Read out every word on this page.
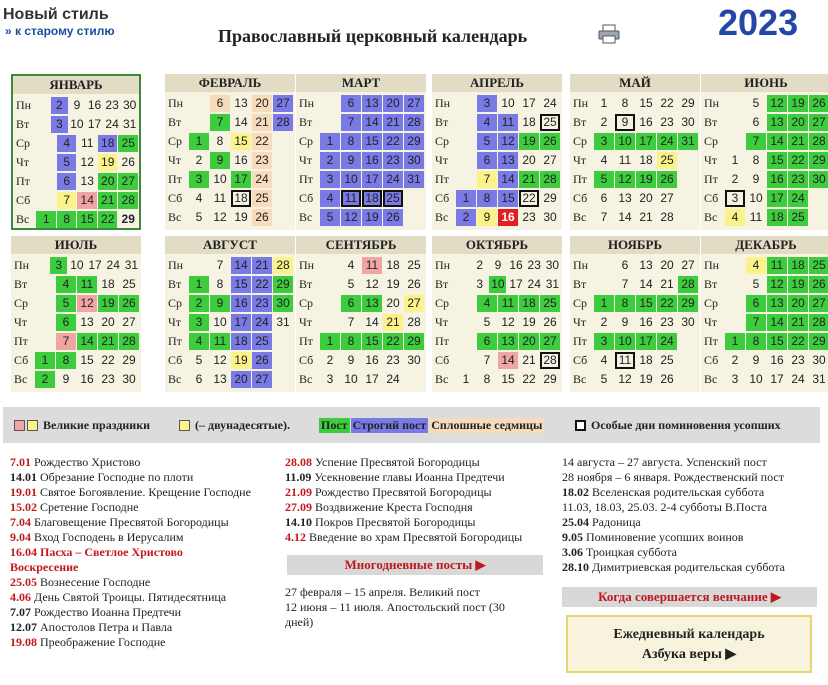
Новый стиль
» к старому стилю	Православный церковный календарь	2023
ЯНВАРЬ
Пн	2 9 16 23 30
Вт	3 10 17 24 31
Ср	4 11 18 25
Чт	5 12 19 26
Пт	6 13 20 27
Сб	7 14 21 28
Вс	1	8 15 22 29
ФЕВРАЛЬ
Пн	6 13 20 27
Вт	7 14 21 28
Ср	1	8 15 22
Чт	2	9 16 23
Пт	3 10 17 24
Сб	4 11 18 25
Вс	5 12 19 26
МАРТ
Пн	6 13 20 27
Вт	7 14 21 28
Ср	1	8 15 22 29
Чт	2	9 16 23 30
Пт	3 10 17 24 31
Сб	4 11 18 25
Вс	5 12 19 26
АПРЕЛЬ
Пн	3 10 17 24
Вт	4 11 18 25
Ср	5 12 19 26
Чт	6 13 20 27
Пт	7 14 21 28
Сб	1	8 15 22 29
Вс	2	9 16 23 30
МАЙ
Пн	1	8 15 22 29
Вт	2	9 16 23 30
Ср	3 10 17 24 31
Чт	4 11 18 25
Пт	5 12 19 26
Сб	6 13 20 27
Вс	7 14 21 28
ИЮНЬ
Пн	5 12 19 26
Вт	6 13 20 27
Ср	7 14 21 28
Чт	1	8 15 22 29
Пт	2	9 16 23 30
Сб	3 10 17 24
Вс	4 11 18 25
ИЮЛЬ
Пн	3 10 17 24 31
Вт	4 11 18 25
Ср	5 12 19 26
Чт	6 13 20 27
Пт	7 14 21 28
Сб	1	8 15 22 29
Вс	2	9 16 23 30
АВГУСТ
Пн	7 14 21 28
Вт	1	8 15 22 29
Ср	2	9 16 23 30
Чт	3 10 17 24 31
Пт	4 11 18 25
Сб	5 12 19 26
Вс	6 13 20 27
СЕНТЯБРЬ
Пн	4 11 18 25
Вт	5 12 19 26
Ср	6 13 20 27
Чт	7 14 21 28
Пт	1	8 15 22 29
Сб	2	9 16 23 30
Вс	3 10 17 24
ОКТЯБРЬ
Пн	2 9 16 23 30
Вт	3 10 17 24 31
Ср	4 11 18 25
Чт	5 12 19 26
Пт	6 13 20 27
Сб	7 14 21 28
Вс	1	8 15 22 29
НОЯБРЬ
Пн	6 13 20 27
Вт	7 14 21 28
Ср	1	8 15 22 29
Чт	2	9 16 23 30
Пт	3 10 17 24
Сб	4 11 18 25
Вс	5 12 19 26
ДЕКАБРЬ
Пн	4 11 18 25
Вт	5 12 19 26
Ср	6 13 20 27
Чт	7 14 21 28
Пт	1	8 15 22 29
Сб	2	9 16 23 30
Вс	3 10 17 24 31

Великие праздники
	(– двунадесятые).	Пост Строгий пост Сплошные седмицы
	Особые дни поминовения усопших
7.01 Рождество Христово
14.01 Обрезание Господне по плоти
19.01 Святое Богоявление. Крещение Господне
15.02 Сретение Господне
7.04 Благовещение Пресвятой Богородицы
9.04 Вход Господень в Иерусалим
16.04 Пасха – Светлое Христово
Воскресение
25.05 Вознесение Господне
4.06 День Святой Троицы. Пятидесятница
7.07 Рождество Иоанна Предтечи
12.07 Апостолов Петра и Павла
19.08 Преображение Господне
28.08 Успение Пресвятой Богородицы
11.09 Усекновение главы Иоанна Предтечи
21.09 Рождество Пресвятой Богородицы
27.09 Воздвижение Креста Господня
14.10 Покров Пресвятой Богородицы
4.12 Введение во храм Пресвятой Богородицы
Многодневные посты ▶
27 февраля – 15 апреля. Великий пост
12 июня – 11 июля. Апостольский пост (30
дней)
14 августа – 27 августа. Успенский пост
28 ноября – 6 января. Рождественский пост
18.02 Вселенская родительская суббота
11.03, 18.03, 25.03. 2-4 субботы В.Поста
25.04 Радоница
9.05 Поминовение усопших воинов
3.06 Троицкая суббота
28.10 Димитриевская родительская суббота
Когда совершается венчание ▶
Ежедневный календарь
Азбука веры ▶
